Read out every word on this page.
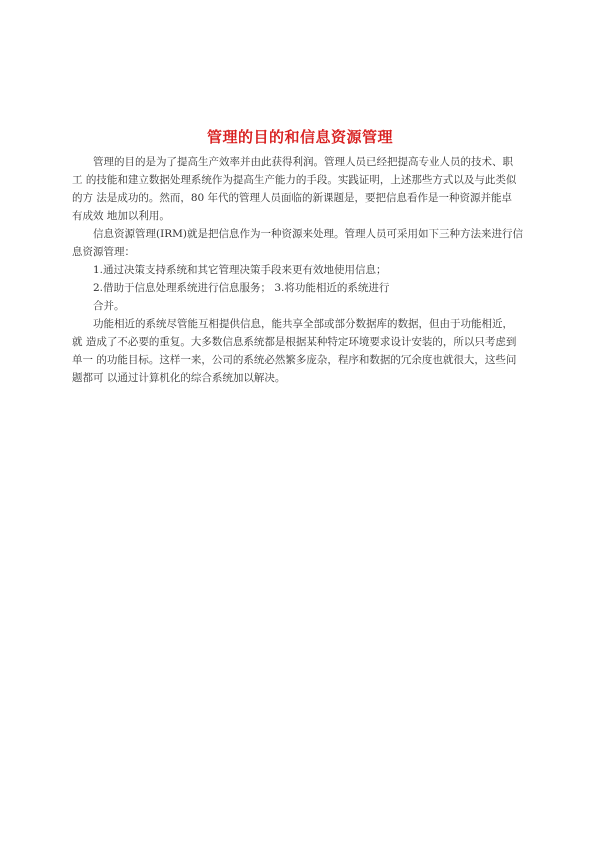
管理的目的和信息资源管理
管理的目的是为了提高生产效率并由此获得利润。管理人员已经把提高专业人员的技术、职
工 的技能和建立数据处理系统作为提高生产能力的手段。实践证明，上述那些方式以及与此类似
的方 法是成功的。然而，80 年代的管理人员面临的新课题是，要把信息看作是一种资源并能卓
有成效 地加以利用。
信息资源管理(IRM)就是把信息作为一种资源来处理。管理人员可采用如下三种方法来进行信
息资源管理：
1.通过决策支持系统和其它管理决策手段来更有效地使用信息；
2.借助于信息处理系统进行信息服务； 3.将功能相近的系统进行
合并。
功能相近的系统尽管能互相提供信息，能共享全部或部分数据库的数据，但由于功能相近，
就 造成了不必要的重复。大多数信息系统都是根据某种特定环境要求设计安装的，所以只考虑到
单一 的功能目标。这样一来，公司的系统必然繁多庞杂，程序和数据的冗余度也就很大，这些问
题都可 以通过计算机化的综合系统加以解决。
